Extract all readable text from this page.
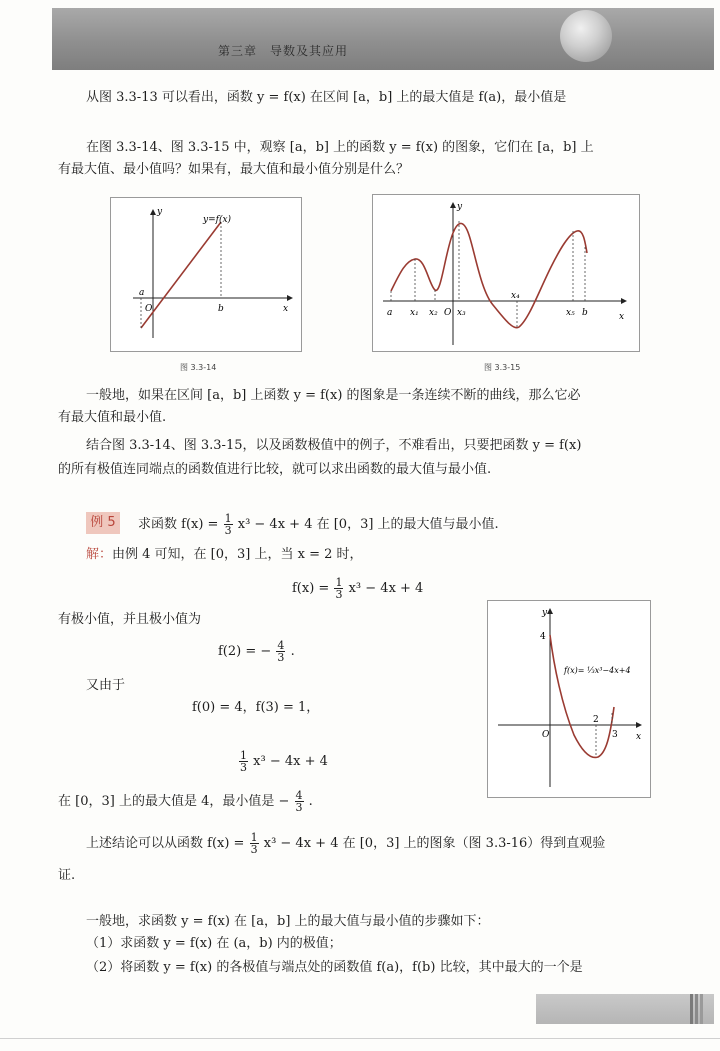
第三章　导数及其应用
从图 3.3-13 可以看出，函数 y = f(x) 在区间 [a，b] 上的最大值是 f(a)，最小值是
在图 3.3-14、图 3.3-15 中，观察 [a，b] 上的函数 y = f(x) 的图象，它们在 [a，b] 上
有最大值、最小值吗？如果有，最大值和最小值分别是什么？
y
x
a
O	b
y=f(x)
图 3.3-14
y
x
a x₁ x₂ O x₃
x₄
x₅ b
图 3.3-15
一般地，如果在区间 [a，b] 上函数 y = f(x) 的图象是一条连续不断的曲线，那么它必
有最大值和最小值.
结合图 3.3-14、图 3.3-15，以及函数极值中的例子，不难看出，只要把函数 y = f(x)
的所有极值连同端点的函数值进行比较，就可以求出函数的最大值与最小值.
例 5	求函数 $f(x) = \frac{1}{3} x^3 - 4x + 4$ 在 [0，3] 上的最大值与最小值.
解：由例 4 可知，在 [0，3] 上，当 x = 2 时，
$f(x) = \frac{1}{3} x^3 - 4x + 4$
有极小值，并且极小值为
f(2) = − $\frac{4}{3}$ .
又由于
f(0) = 4，f(3) = 1，
$\frac{1}{3} x^3 - 4x + 4$
在 [0，3] 上的最大值是 4，最小值是 − $\frac{4}{3}$ .
y
x
4
O
2
3
f(x)= ⅓x³−4x+4
上述结论可以从函数 $f(x) = \frac{1}{3} x^3 - 4x + 4$ 在 [0，3] 上的图象（图 3.3-16）得到直观验
证.
一般地，求函数 y = f(x) 在 [a，b] 上的最大值与最小值的步骤如下：
（1）求函数 y = f(x) 在 (a，b) 内的极值；
（2）将函数 y = f(x) 的各极值与端点处的函数值 f(a)，f(b) 比较，其中最大的一个是
